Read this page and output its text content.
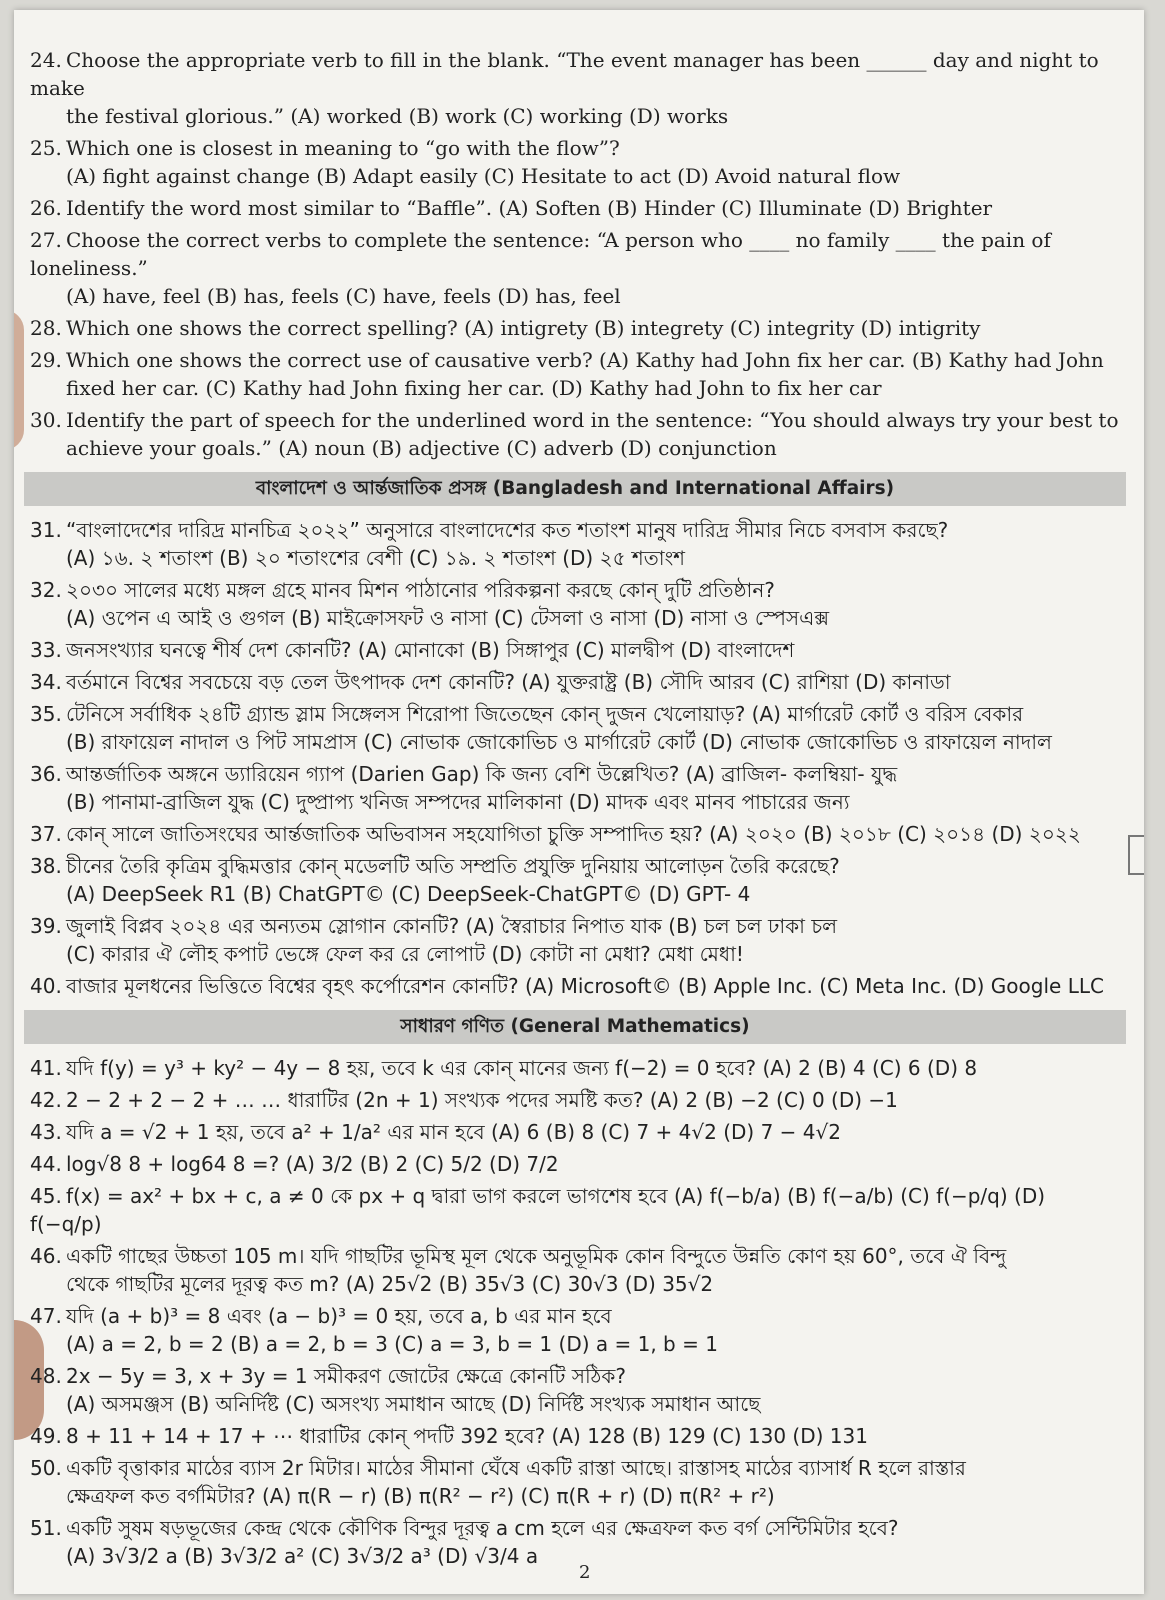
24. Choose the appropriate verb to fill in the blank. “The event manager has been ______ day and night to make
the festival glorious.” (A) worked (B) work (C) working (D) works
25. Which one is closest in meaning to “go with the flow”?
(A) fight against change (B) Adapt easily (C) Hesitate to act (D) Avoid natural flow
26. Identify the word most similar to “Baffle”. (A) Soften (B) Hinder (C) Illuminate (D) Brighter
27. Choose the correct verbs to complete the sentence: “A person who ____ no family ____ the pain of loneliness.”
(A) have, feel (B) has, feels (C) have, feels (D) has, feel
28. Which one shows the correct spelling? (A) intigrety (B) integrety (C) integrity (D) intigrity
29. Which one shows the correct use of causative verb? (A) Kathy had John fix her car. (B) Kathy had John
fixed her car. (C) Kathy had John fixing her car. (D) Kathy had John to fix her car
30. Identify the part of speech for the underlined word in the sentence: “You should always try your best to
achieve your goals.” (A) noun (B) adjective (C) adverb (D) conjunction
বাংলাদেশ ও আর্ন্তজাতিক প্রসঙ্গ (Bangladesh and International Affairs)
31. “বাংলাদেশের দারিদ্র মানচিত্র ২০২২” অনুসারে বাংলাদেশের কত শতাংশ মানুষ দারিদ্র সীমার নিচে বসবাস করছে?
(A) ১৬. ২ শতাংশ (B) ২০ শতাংশের বেশী (C) ১৯. ২ শতাংশ (D) ২৫ শতাংশ
32. ২০৩০ সালের মধ্যে মঙ্গল গ্রহে মানব মিশন পাঠানোর পরিকল্পনা করছে কোন্ দুটি প্রতিষ্ঠান?
(A) ওপেন এ আই ও গুগল (B) মাইক্রোসফট ও নাসা (C) টেসলা ও নাসা (D) নাসা ও স্পেসএক্স
33. জনসংখ্যার ঘনত্বে শীর্ষ দেশ কোনটি? (A) মোনাকো (B) সিঙ্গাপুর (C) মালদ্বীপ (D) বাংলাদেশ
34. বর্তমানে বিশ্বের সবচেয়ে বড় তেল উৎপাদক দেশ কোনটি? (A) যুক্তরাষ্ট্র (B) সৌদি আরব (C) রাশিয়া (D) কানাডা
35. টেনিসে সর্বাধিক ২৪টি গ্র্যান্ড স্লাম সিঙ্গেলস শিরোপা জিতেছেন কোন্ দুজন খেলোয়াড়? (A) মার্গারেট কোর্ট ও বরিস বেকার
(B) রাফায়েল নাদাল ও পিট সামপ্রাস (C) নোভাক জোকোভিচ ও মার্গারেট কোর্ট (D) নোভাক জোকোভিচ ও রাফায়েল নাদাল
36. আন্তর্জাতিক অঙ্গনে ড্যারিয়েন গ্যাপ (Darien Gap) কি জন্য বেশি উল্লেখিত? (A) ব্রাজিল- কলম্বিয়া- যুদ্ধ
(B) পানামা-ব্রাজিল যুদ্ধ (C) দুষ্প্রাপ্য খনিজ সম্পদের মালিকানা (D) মাদক এবং মানব পাচারের জন্য
37. কোন্ সালে জাতিসংঘের আর্ন্তজাতিক অভিবাসন সহযোগিতা চুক্তি সম্পাদিত হয়? (A) ২০২০ (B) ২০১৮ (C) ২০১৪ (D) ২০২২
38. চীনের তৈরি কৃত্রিম বুদ্ধিমত্তার কোন্ মডেলটি অতি সম্প্রতি প্রযুক্তি দুনিয়ায় আলোড়ন তৈরি করেছে?
(A) DeepSeek R1 (B) ChatGPT© (C) DeepSeek-ChatGPT© (D) GPT- 4
39. জুলাই বিপ্লব ২০২৪ এর অন্যতম স্লোগান কোনটি? (A) স্বৈরাচার নিপাত যাক (B) চল চল ঢাকা চল
(C) কারার ঐ লৌহ কপাট ভেঙ্গে ফেল কর রে লোপাট (D) কোটা না মেধা? মেধা মেধা!
40. বাজার মূলধনের ভিত্তিতে বিশ্বের বৃহৎ কর্পোরেশন কোনটি? (A) Microsoft© (B) Apple Inc. (C) Meta Inc. (D) Google LLC
সাধারণ গণিত (General Mathematics)
41. যদি f(y) = y³ + ky² − 4y − 8 হয়, তবে k এর কোন্ মানের জন্য f(−2) = 0 হবে? (A) 2 (B) 4 (C) 6 (D) 8
42. 2 − 2 + 2 − 2 + … … ধারাটির (2n + 1) সংখ্যক পদের সমষ্টি কত? (A) 2 (B) −2 (C) 0 (D) −1
43. যদি a = √2 + 1 হয়, তবে a² + 1/a² এর মান হবে (A) 6 (B) 8 (C) 7 + 4√2 (D) 7 − 4√2
44. log√8 8 + log64 8 =? (A) 3/2 (B) 2 (C) 5/2 (D) 7/2
45. f(x) = ax² + bx + c, a ≠ 0 কে px + q দ্বারা ভাগ করলে ভাগশেষ হবে (A) f(−b/a) (B) f(−a/b) (C) f(−p/q) (D) f(−q/p)
46. একটি গাছের উচ্চতা 105 m। যদি গাছটির ভূমিস্থ মূল থেকে অনুভূমিক কোন বিন্দুতে উন্নতি কোণ হয় 60°, তবে ঐ বিন্দু
থেকে গাছটির মূলের দূরত্ব কত m? (A) 25√2 (B) 35√3 (C) 30√3 (D) 35√2
47. যদি (a + b)³ = 8 এবং (a − b)³ = 0 হয়, তবে a, b এর মান হবে
(A) a = 2, b = 2 (B) a = 2, b = 3 (C) a = 3, b = 1 (D) a = 1, b = 1
48. 2x − 5y = 3, x + 3y = 1 সমীকরণ জোটের ক্ষেত্রে কোনটি সঠিক?
(A) অসমঞ্জস (B) অনির্দিষ্ট (C) অসংখ্য সমাধান আছে (D) নির্দিষ্ট সংখ্যক সমাধান আছে
49. 8 + 11 + 14 + 17 + ⋯ ধারাটির কোন্ পদটি 392 হবে? (A) 128 (B) 129 (C) 130 (D) 131
50. একটি বৃত্তাকার মাঠের ব্যাস 2r মিটার। মাঠের সীমানা ঘেঁষে একটি রাস্তা আছে। রাস্তাসহ মাঠের ব্যাসার্ধ R হলে রাস্তার
ক্ষেত্রফল কত বর্গমিটার? (A) π(R − r) (B) π(R² − r²) (C) π(R + r) (D) π(R² + r²)
51. একটি সুষম ষড়ভূজের কেন্দ্র থেকে কৌণিক বিন্দুর দূরত্ব a cm হলে এর ক্ষেত্রফল কত বর্গ সেন্টিমিটার হবে?
(A) 3√3/2 a (B) 3√3/2 a² (C) 3√3/2 a³ (D) √3/4 a
2
